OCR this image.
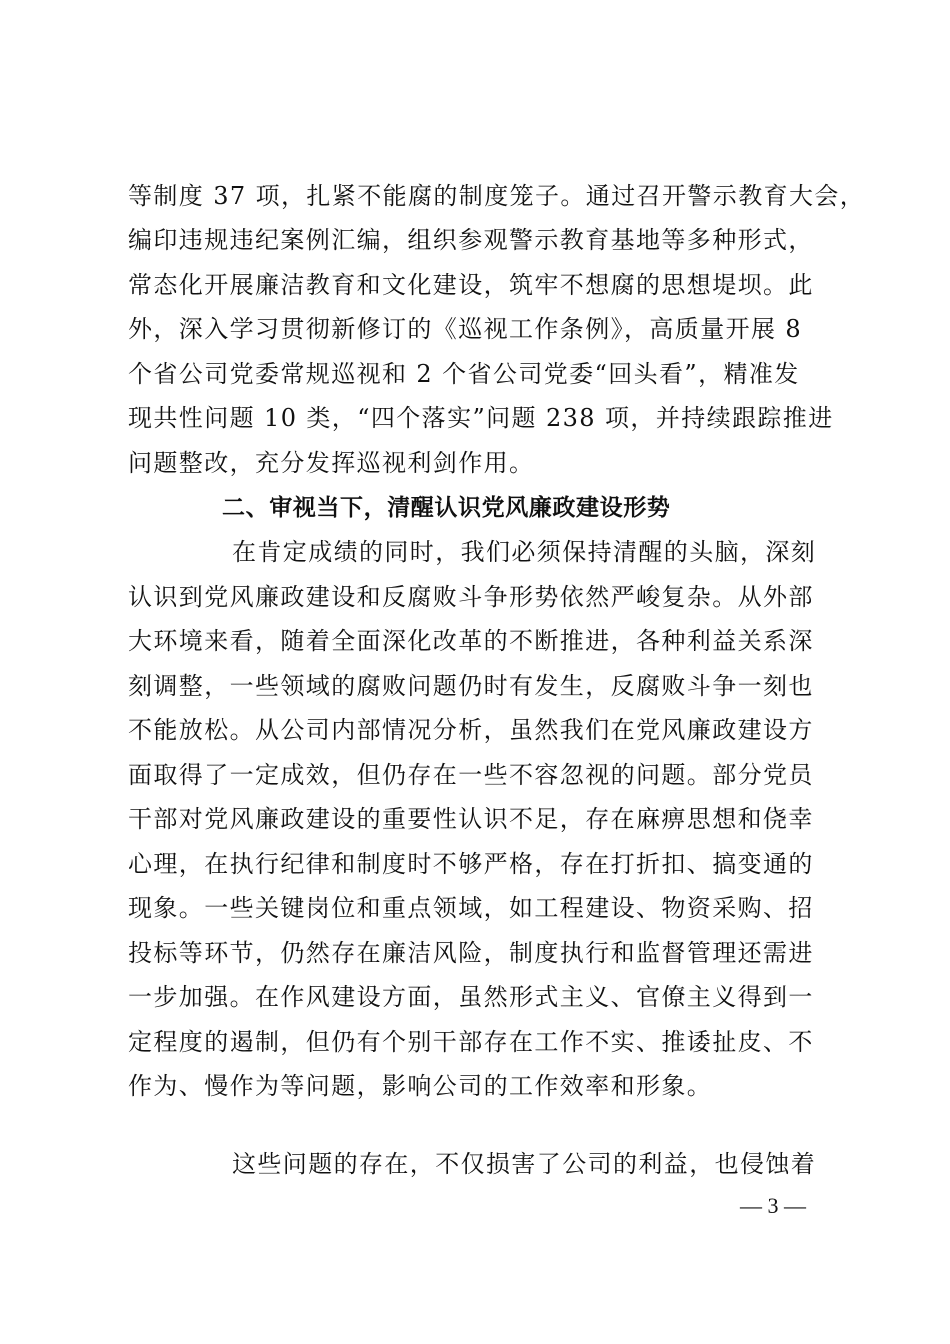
等制度 37 项，扎紧不能腐的制度笼子。通过召开警示教育大会，
编印违规违纪案例汇编，组织参观警示教育基地等多种形式，
常态化开展廉洁教育和文化建设，筑牢不想腐的思想堤坝。此
外，深入学习贯彻新修订的《巡视工作条例》，高质量开展 8
个省公司党委常规巡视和 2 个省公司党委“回头看”，精准发
现共性问题 10 类，“四个落实”问题 238 项，并持续跟踪推进
问题整改，充分发挥巡视利剑作用。
二、审视当下，清醒认识党风廉政建设形势
在肯定成绩的同时，我们必须保持清醒的头脑，深刻
认识到党风廉政建设和反腐败斗争形势依然严峻复杂。从外部
大环境来看，随着全面深化改革的不断推进，各种利益关系深
刻调整，一些领域的腐败问题仍时有发生，反腐败斗争一刻也
不能放松。从公司内部情况分析，虽然我们在党风廉政建设方
面取得了一定成效，但仍存在一些不容忽视的问题。部分党员
干部对党风廉政建设的重要性认识不足，存在麻痹思想和侥幸
心理，在执行纪律和制度时不够严格，存在打折扣、搞变通的
现象。一些关键岗位和重点领域，如工程建设、物资采购、招
投标等环节，仍然存在廉洁风险，制度执行和监督管理还需进
一步加强。在作风建设方面，虽然形式主义、官僚主义得到一
定程度的遏制，但仍有个别干部存在工作不实、推诿扯皮、不
作为、慢作为等问题，影响公司的工作效率和形象。
这些问题的存在，不仅损害了公司的利益，也侵蚀着
— 3 —
